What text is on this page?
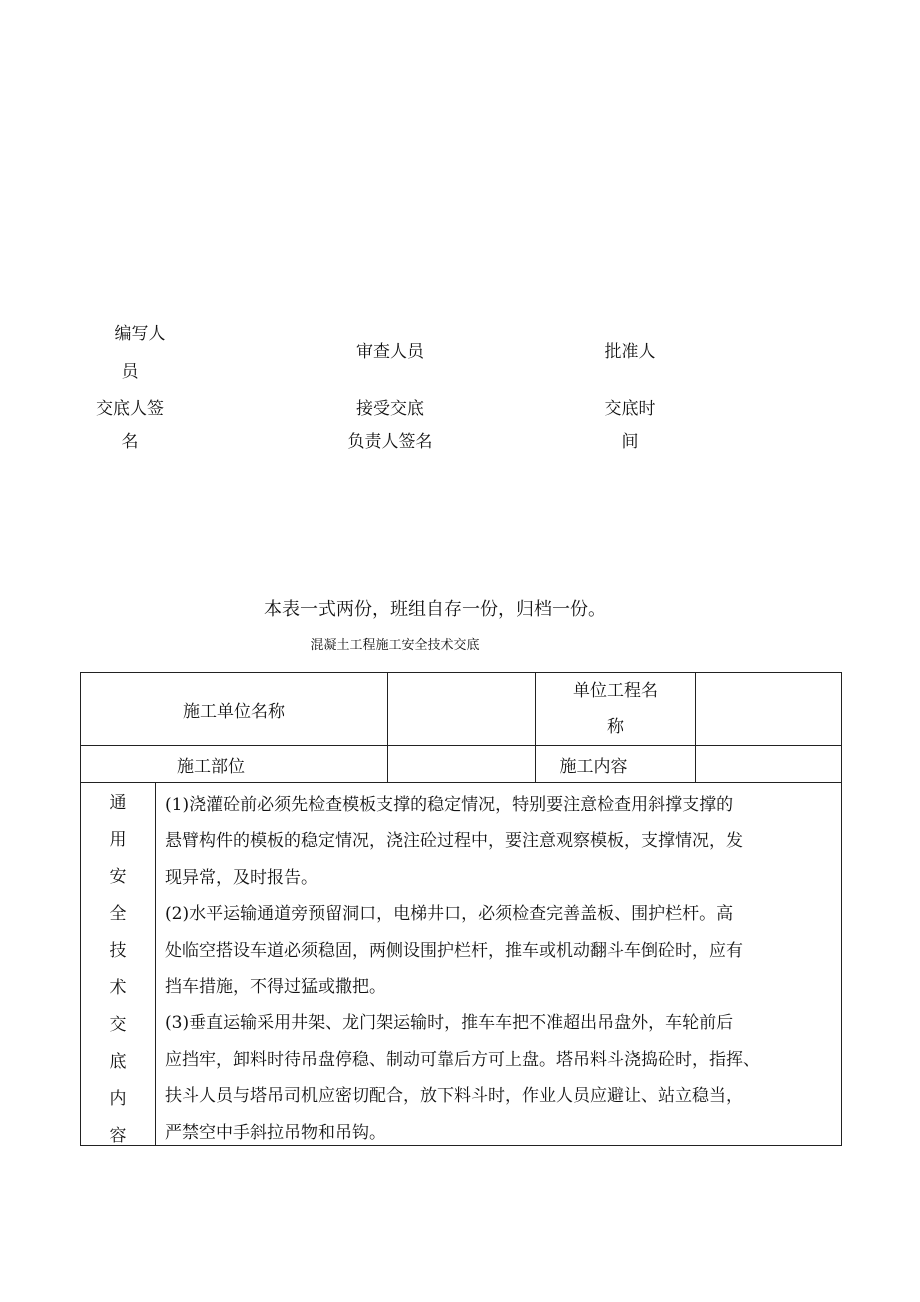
编写人
员
审查人员	批准人
交底人签
名
接受交底
负责人签名
交底时
间
本表一式两份，班组自存一份，归档一份。
混凝土工程施工安全技术交底
施工单位名称
单位工程名
称
施工部位	施工内容
通
用
安
全
技
术
交
底
内
容

(1)浇灌砼前必须先检查模板支撑的稳定情况，特别要注意检查用斜撑支撑的

悬臂构件的模板的稳定情况，浇注砼过程中，要注意观察模板，支撑情况，发

现异常，及时报告。

(2)水平运输通道旁预留洞口，电梯井口，必须检查完善盖板、围护栏杆。高

处临空搭设车道必须稳固，两侧设围护栏杆，推车或机动翻斗车倒砼时，应有

挡车措施，不得过猛或撒把。

(3)垂直运输采用井架、龙门架运输时，推车车把不准超出吊盘外，车轮前后

应挡牢，卸料时待吊盘停稳、制动可靠后方可上盘。塔吊料斗浇捣砼时，指挥、

扶斗人员与塔吊司机应密切配合，放下料斗时，作业人员应避让、站立稳当，

严禁空中手斜拉吊物和吊钩。
